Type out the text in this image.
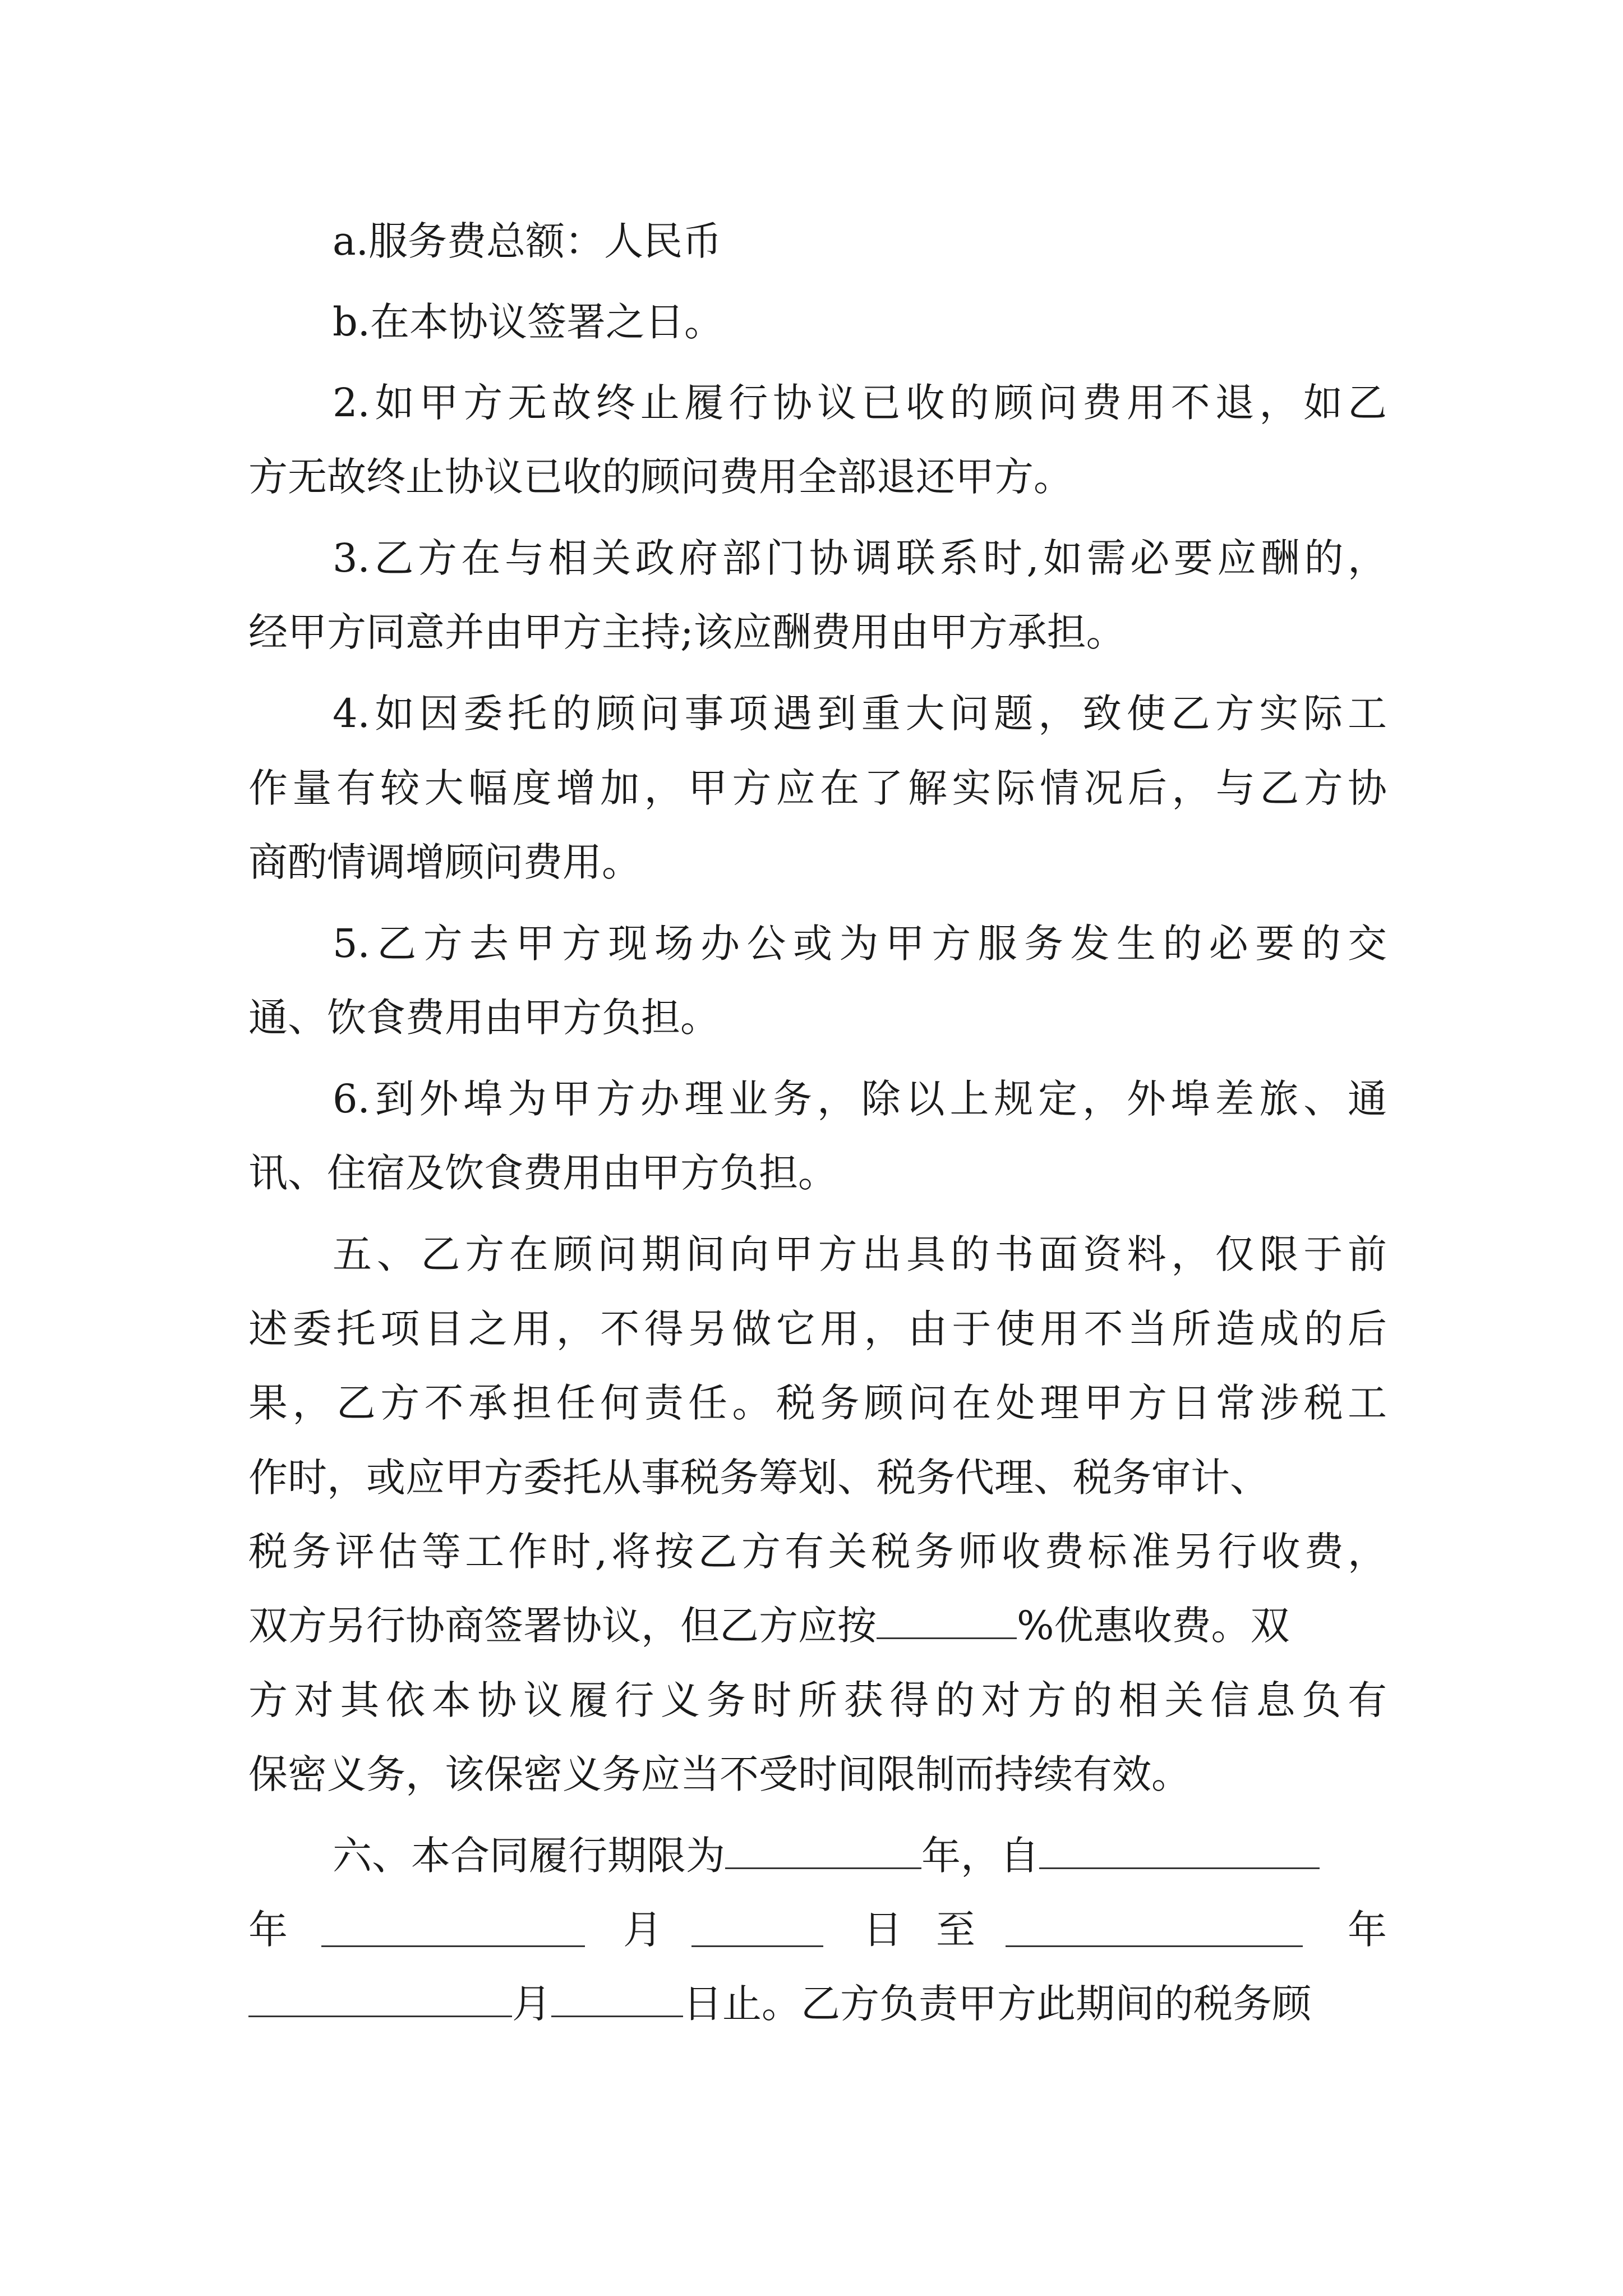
a.服务费总额：人民币
b.在本协议签署之日。
2.如甲方无故终止履行协议已收的顾问费用不退，如乙
方无故终止协议已收的顾问费用全部退还甲方。
3.乙方在与相关政府部门协调联系时,如需必要应酬的，
经甲方同意并由甲方主持;该应酬费用由甲方承担。
4.如因委托的顾问事项遇到重大问题，致使乙方实际工
作量有较大幅度增加，甲方应在了解实际情况后，与乙方协
商酌情调增顾问费用。
5.乙方去甲方现场办公或为甲方服务发生的必要的交
通、饮食费用由甲方负担。
6.到外埠为甲方办理业务，除以上规定，外埠差旅、通
讯、住宿及饮食费用由甲方负担。
五、乙方在顾问期间向甲方出具的书面资料，仅限于前
述委托项目之用，不得另做它用，由于使用不当所造成的后
果，乙方不承担任何责任。税务顾问在处理甲方日常涉税工
作时，或应甲方委托从事税务筹划、税务代理、税务审计、
税务评估等工作时,将按乙方有关税务师收费标准另行收费，
双方另行协商签署协议，但乙方应按	%优惠收费。双
方对其依本协议履行义务时所获得的对方的相关信息负有
保密义务，该保密义务应当不受时间限制而持续有效。
六、本合同履行期限为	年，自
年	月	日 至	年
月	日止。乙方负责甲方此期间的税务顾
